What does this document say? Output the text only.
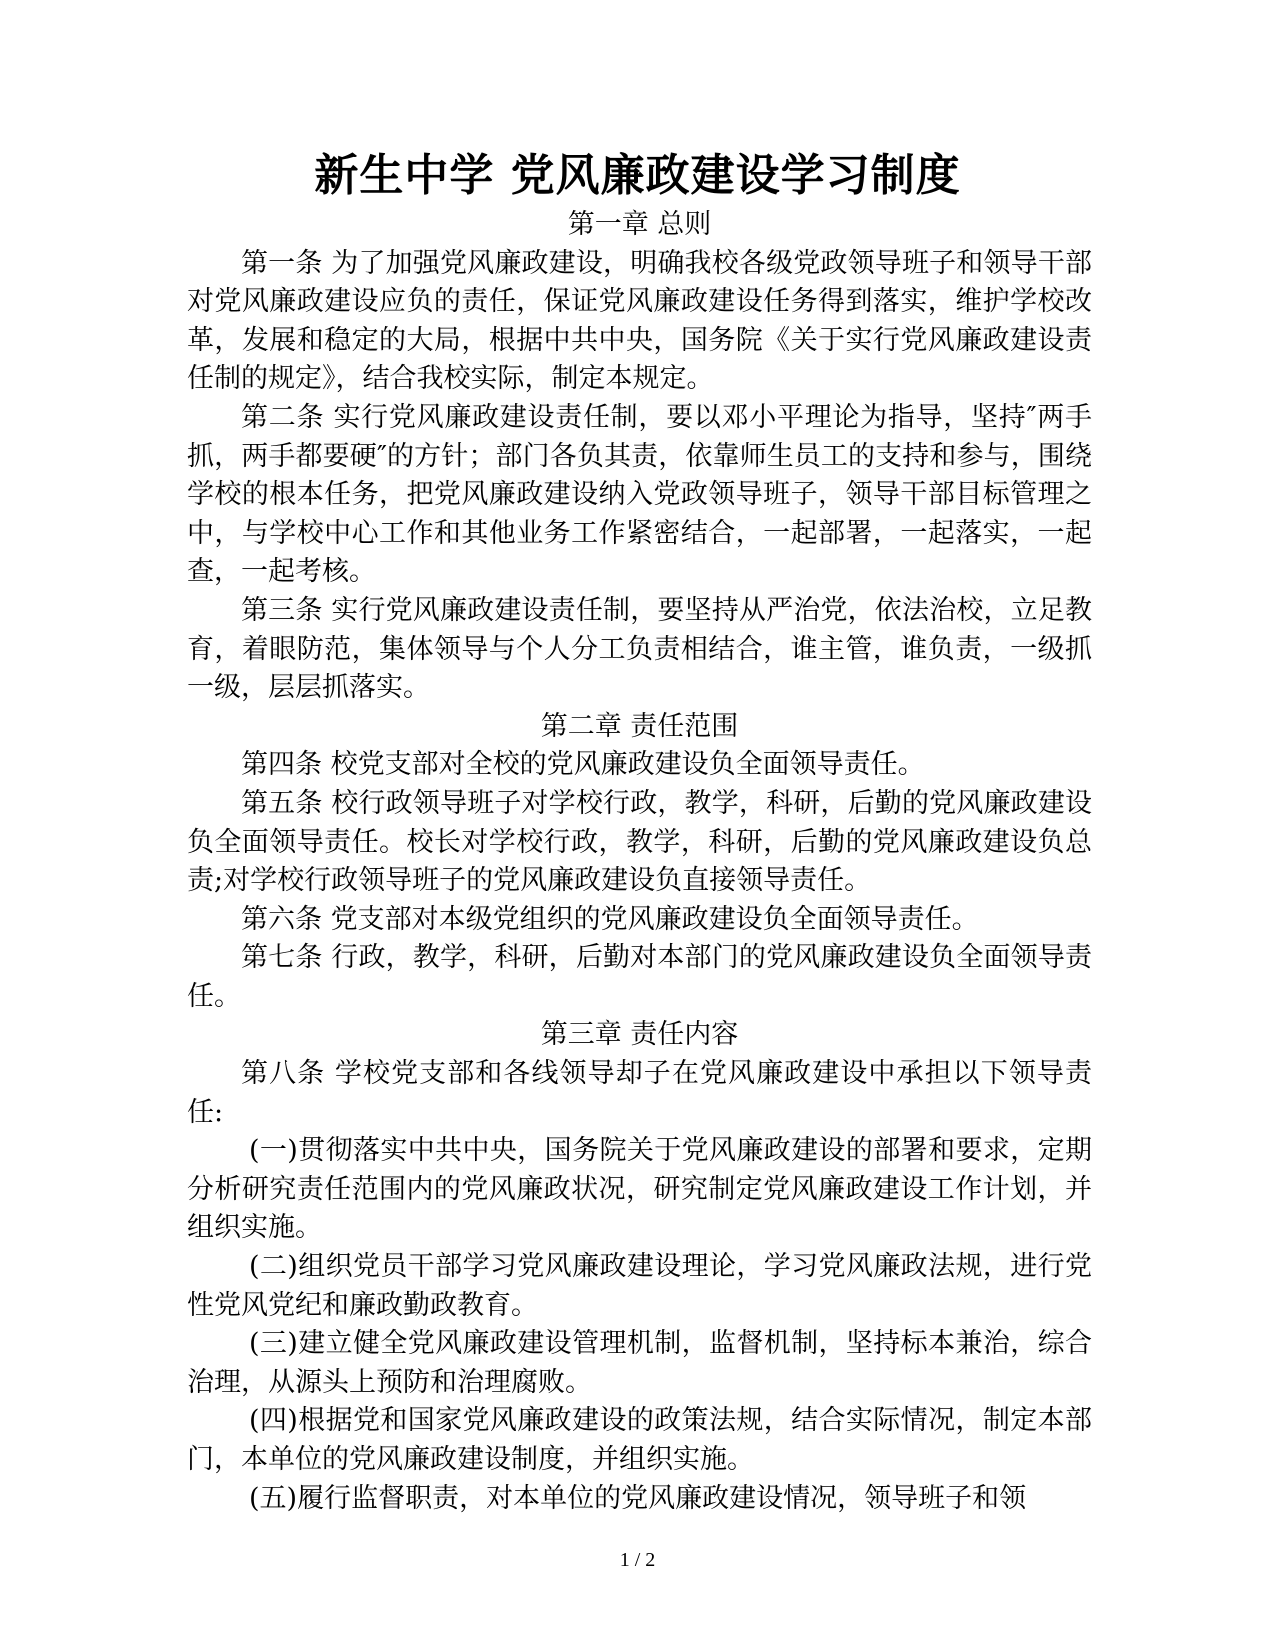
新生中学 党风廉政建设学习制度

第一章 总则

第一条 为了加强党风廉政建设，明确我校各级党政领导班子和领导干部对党风廉政建设应负的责任，保证党风廉政建设任务得到落实，维护学校改革，发展和稳定的大局，根据中共中央，国务院《关于实行党风廉政建设责任制的规定》，结合我校实际，制定本规定。

第二条 实行党风廉政建设责任制，要以邓小平理论为指导，坚持″两手抓，两手都要硬″的方针；部门各负其责，依靠师生员工的支持和参与，围绕学校的根本任务，把党风廉政建设纳入党政领导班子，领导干部目标管理之中，与学校中心工作和其他业务工作紧密结合，一起部署，一起落实，一起查，一起考核。

第三条 实行党风廉政建设责任制，要坚持从严治党，依法治校，立足教育，着眼防范，集体领导与个人分工负责相结合，谁主管，谁负责，一级抓一级，层层抓落实。

第二章 责任范围

第四条 校党支部对全校的党风廉政建设负全面领导责任。

第五条 校行政领导班子对学校行政，教学，科研，后勤的党风廉政建设负全面领导责任。校长对学校行政，教学，科研，后勤的党风廉政建设负总责;对学校行政领导班子的党风廉政建设负直接领导责任。

第六条 党支部对本级党组织的党风廉政建设负全面领导责任。

第七条 行政，教学，科研，后勤对本部门的党风廉政建设负全面领导责任。

第三章 责任内容

第八条 学校党支部和各线领导却子在党风廉政建设中承担以下领导责任:

(一)贯彻落实中共中央，国务院关于党风廉政建设的部署和要求，定期分析研究责任范围内的党风廉政状况，研究制定党风廉政建设工作计划，并组织实施。

(二)组织党员干部学习党风廉政建设理论，学习党风廉政法规，进行党性党风党纪和廉政勤政教育。

(三)建立健全党风廉政建设管理机制，监督机制，坚持标本兼治，综合治理，从源头上预防和治理腐败。

(四)根据党和国家党风廉政建设的政策法规，结合实际情况，制定本部门，本单位的党风廉政建设制度，并组织实施。

(五)履行监督职责，对本单位的党风廉政建设情况，领导班子和领

1 / 2
